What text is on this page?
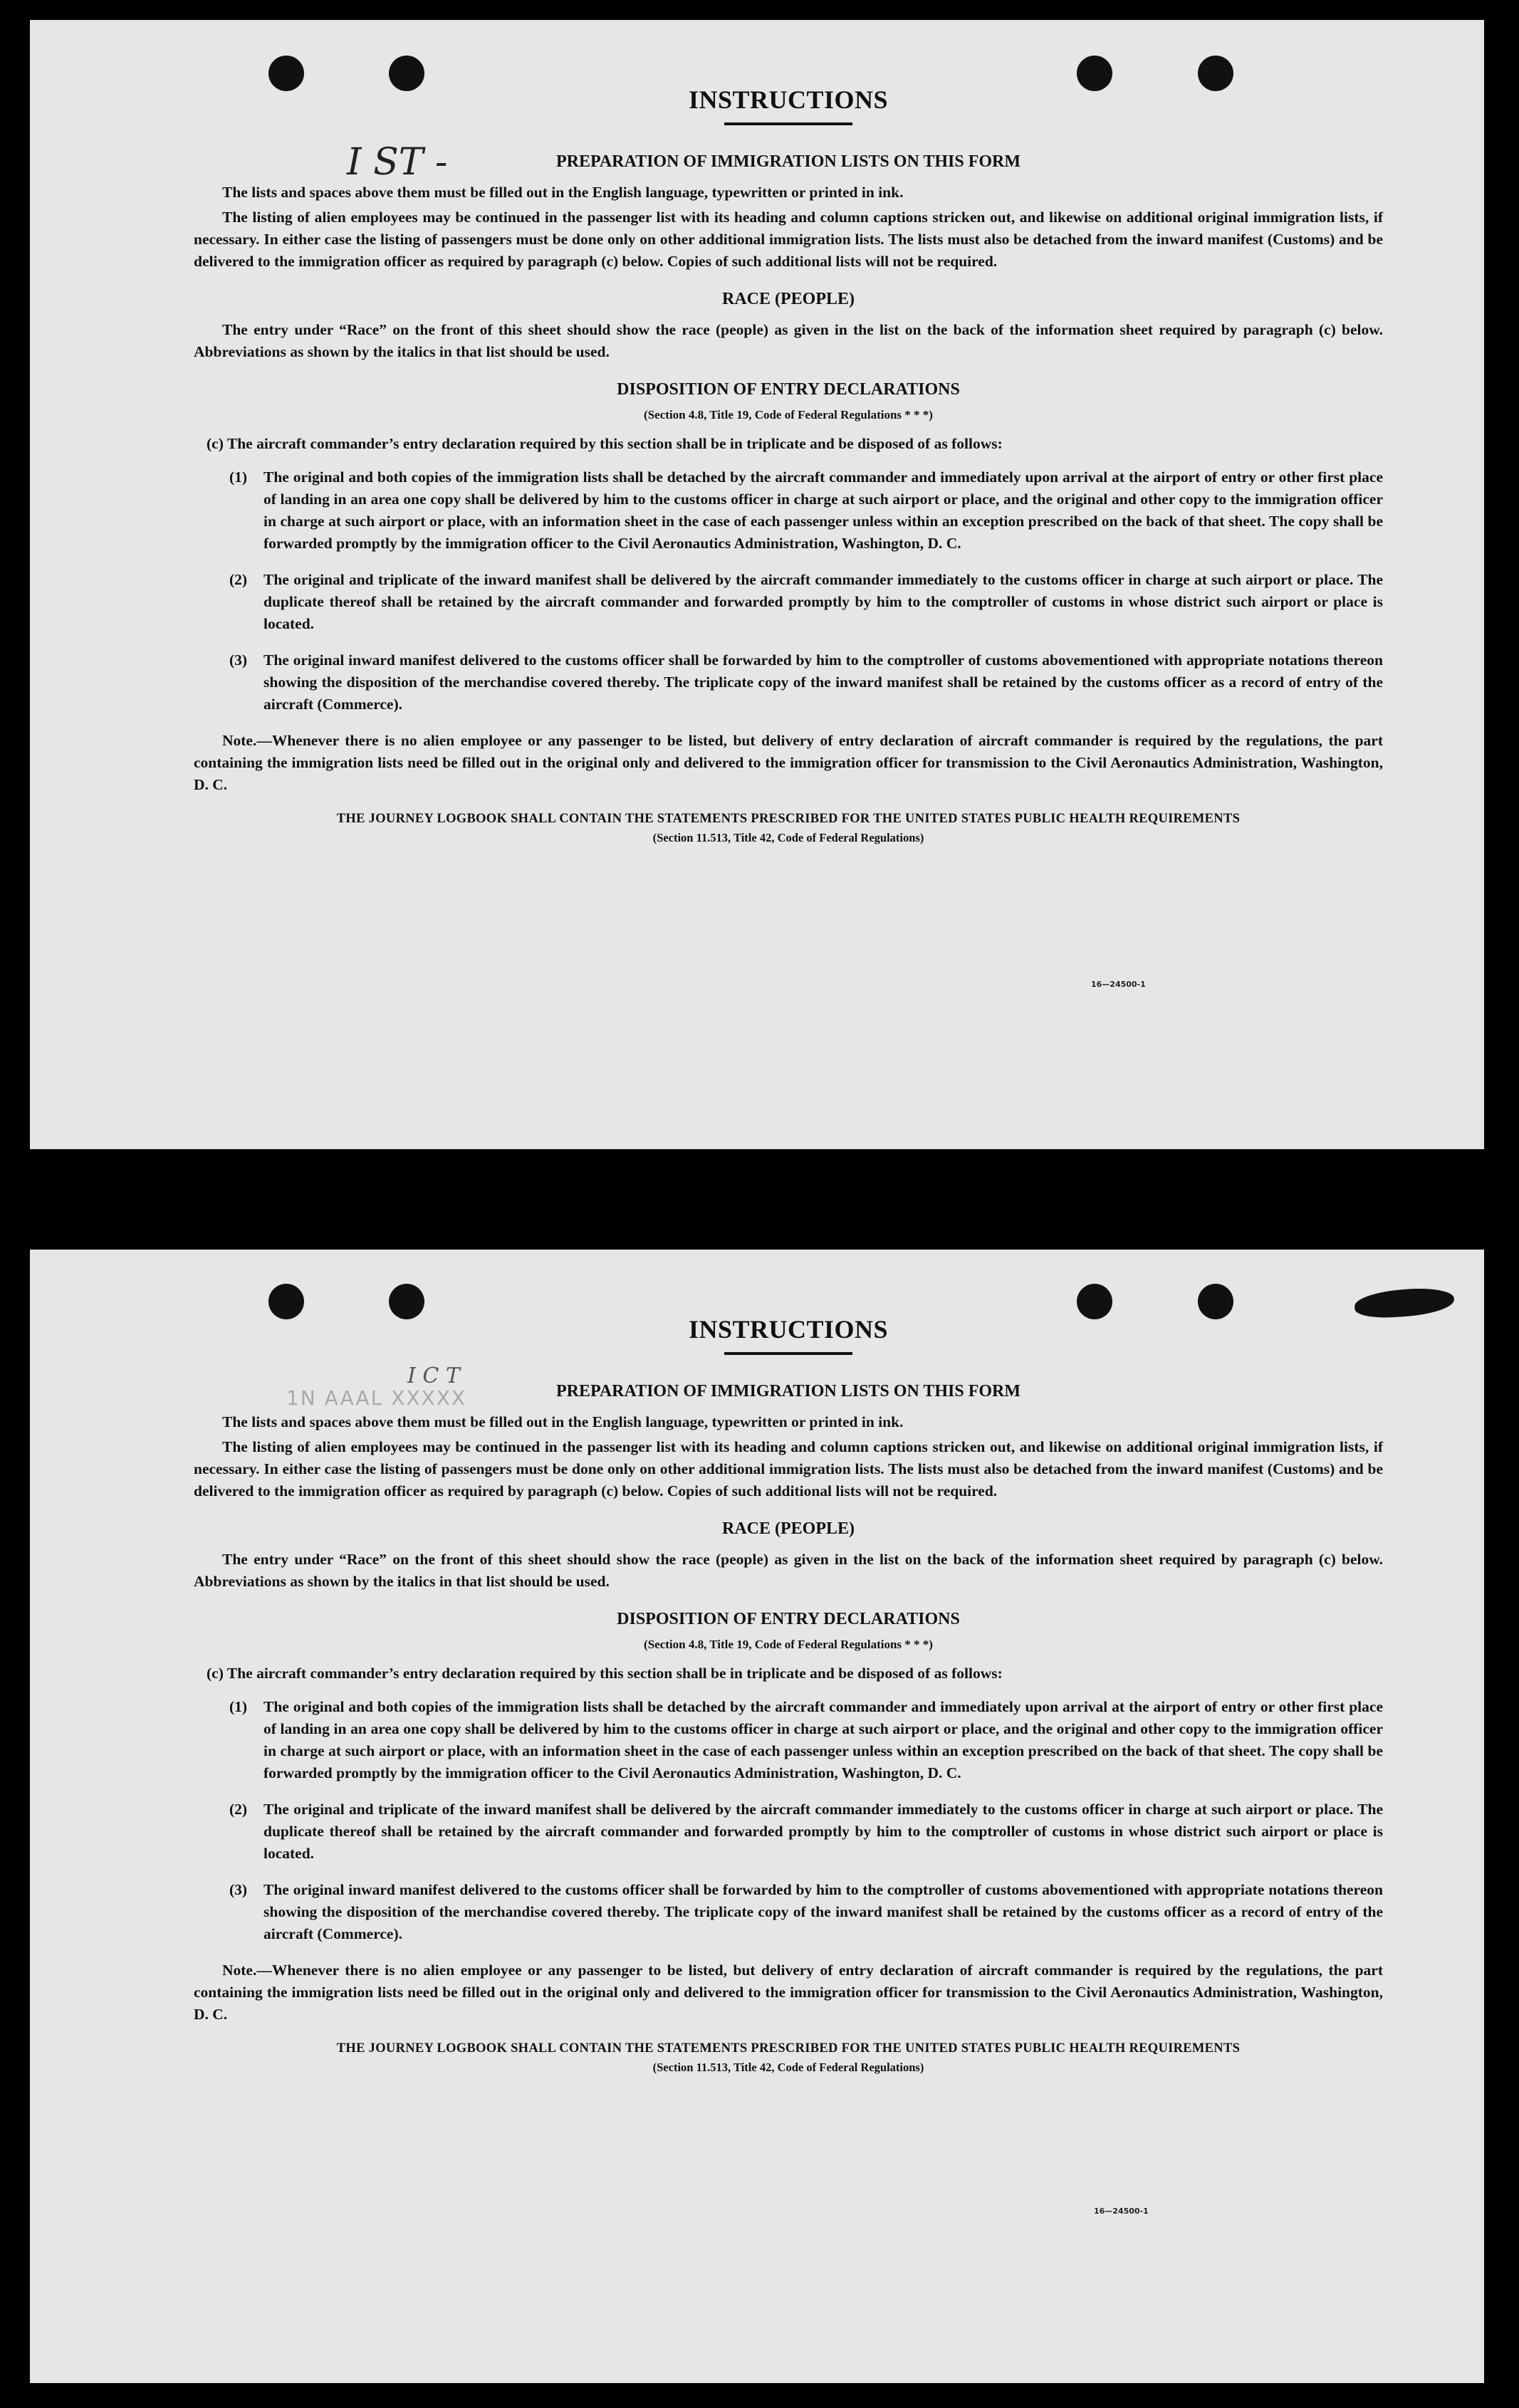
I ST -
INSTRUCTIONS
PREPARATION OF IMMIGRATION LISTS ON THIS FORM

The lists and spaces above them must be filled out in the English language, typewritten or printed in ink.

The listing of alien employees may be continued in the passenger list with its heading and column captions stricken out, and likewise on additional original immigration lists, if necessary. In either case the listing of passengers must be done only on other additional immigration lists. The lists must also be detached from the inward manifest (Customs) and be delivered to the immigration officer as required by paragraph (c) below. Copies of such additional lists will not be required.

RACE (PEOPLE)

The entry under “Race” on the front of this sheet should show the race (people) as given in the list on the back of the information sheet required by paragraph (c) below. Abbreviations as shown by the italics in that list should be used.

DISPOSITION OF ENTRY DECLARATIONS

(Section 4.8, Title 19, Code of Federal Regulations * * *)

(c) The aircraft commander’s entry declaration required by this section shall be in triplicate and be disposed of as follows:

(1)	The original and both copies of the immigration lists shall be detached by the aircraft commander and immediately upon arrival at the airport of entry or other first place of landing in an area one copy shall be delivered by him to the customs officer in charge at such airport or place, and the original and other copy to the immigration officer in charge at such airport or place, with an information sheet in the case of each passenger unless within an exception prescribed on the back of that sheet. The copy shall be forwarded promptly by the immigration officer to the Civil Aeronautics Administration, Washington, D. C.
(2)	The original and triplicate of the inward manifest shall be delivered by the aircraft commander immediately to the customs officer in charge at such airport or place. The duplicate thereof shall be retained by the aircraft commander and forwarded promptly by him to the comptroller of customs in whose district such airport or place is located.
(3)	The original inward manifest delivered to the customs officer shall be forwarded by him to the comptroller of customs abovementioned with appropriate notations thereon showing the disposition of the merchandise covered thereby. The triplicate copy of the inward manifest shall be retained by the customs officer as a record of entry of the aircraft (Commerce).

Note.—Whenever there is no alien employee or any passenger to be listed, but delivery of entry declaration of aircraft commander is required by the regulations, the part containing the immigration lists need be filled out in the original only and delivered to the immigration officer for transmission to the Civil Aeronautics Administration, Washington, D. C.

THE JOURNEY LOGBOOK SHALL CONTAIN THE STATEMENTS PRESCRIBED FOR THE UNITED STATES PUBLIC HEALTH REQUIREMENTS

(Section 11.513, Title 42, Code of Federal Regulations)

16—24500-1
I C T
1N AAAL XXXXX
INSTRUCTIONS
PREPARATION OF IMMIGRATION LISTS ON THIS FORM

The lists and spaces above them must be filled out in the English language, typewritten or printed in ink.

The listing of alien employees may be continued in the passenger list with its heading and column captions stricken out, and likewise on additional original immigration lists, if necessary. In either case the listing of passengers must be done only on other additional immigration lists. The lists must also be detached from the inward manifest (Customs) and be delivered to the immigration officer as required by paragraph (c) below. Copies of such additional lists will not be required.

RACE (PEOPLE)

The entry under “Race” on the front of this sheet should show the race (people) as given in the list on the back of the information sheet required by paragraph (c) below. Abbreviations as shown by the italics in that list should be used.

DISPOSITION OF ENTRY DECLARATIONS

(Section 4.8, Title 19, Code of Federal Regulations * * *)

(c) The aircraft commander’s entry declaration required by this section shall be in triplicate and be disposed of as follows:

(1)	The original and both copies of the immigration lists shall be detached by the aircraft commander and immediately upon arrival at the airport of entry or other first place of landing in an area one copy shall be delivered by him to the customs officer in charge at such airport or place, and the original and other copy to the immigration officer in charge at such airport or place, with an information sheet in the case of each passenger unless within an exception prescribed on the back of that sheet. The copy shall be forwarded promptly by the immigration officer to the Civil Aeronautics Administration, Washington, D. C.
(2)	The original and triplicate of the inward manifest shall be delivered by the aircraft commander immediately to the customs officer in charge at such airport or place. The duplicate thereof shall be retained by the aircraft commander and forwarded promptly by him to the comptroller of customs in whose district such airport or place is located.
(3)	The original inward manifest delivered to the customs officer shall be forwarded by him to the comptroller of customs abovementioned with appropriate notations thereon showing the disposition of the merchandise covered thereby. The triplicate copy of the inward manifest shall be retained by the customs officer as a record of entry of the aircraft (Commerce).

Note.—Whenever there is no alien employee or any passenger to be listed, but delivery of entry declaration of aircraft commander is required by the regulations, the part containing the immigration lists need be filled out in the original only and delivered to the immigration officer for transmission to the Civil Aeronautics Administration, Washington, D. C.

THE JOURNEY LOGBOOK SHALL CONTAIN THE STATEMENTS PRESCRIBED FOR THE UNITED STATES PUBLIC HEALTH REQUIREMENTS

(Section 11.513, Title 42, Code of Federal Regulations)

16—24500-1
